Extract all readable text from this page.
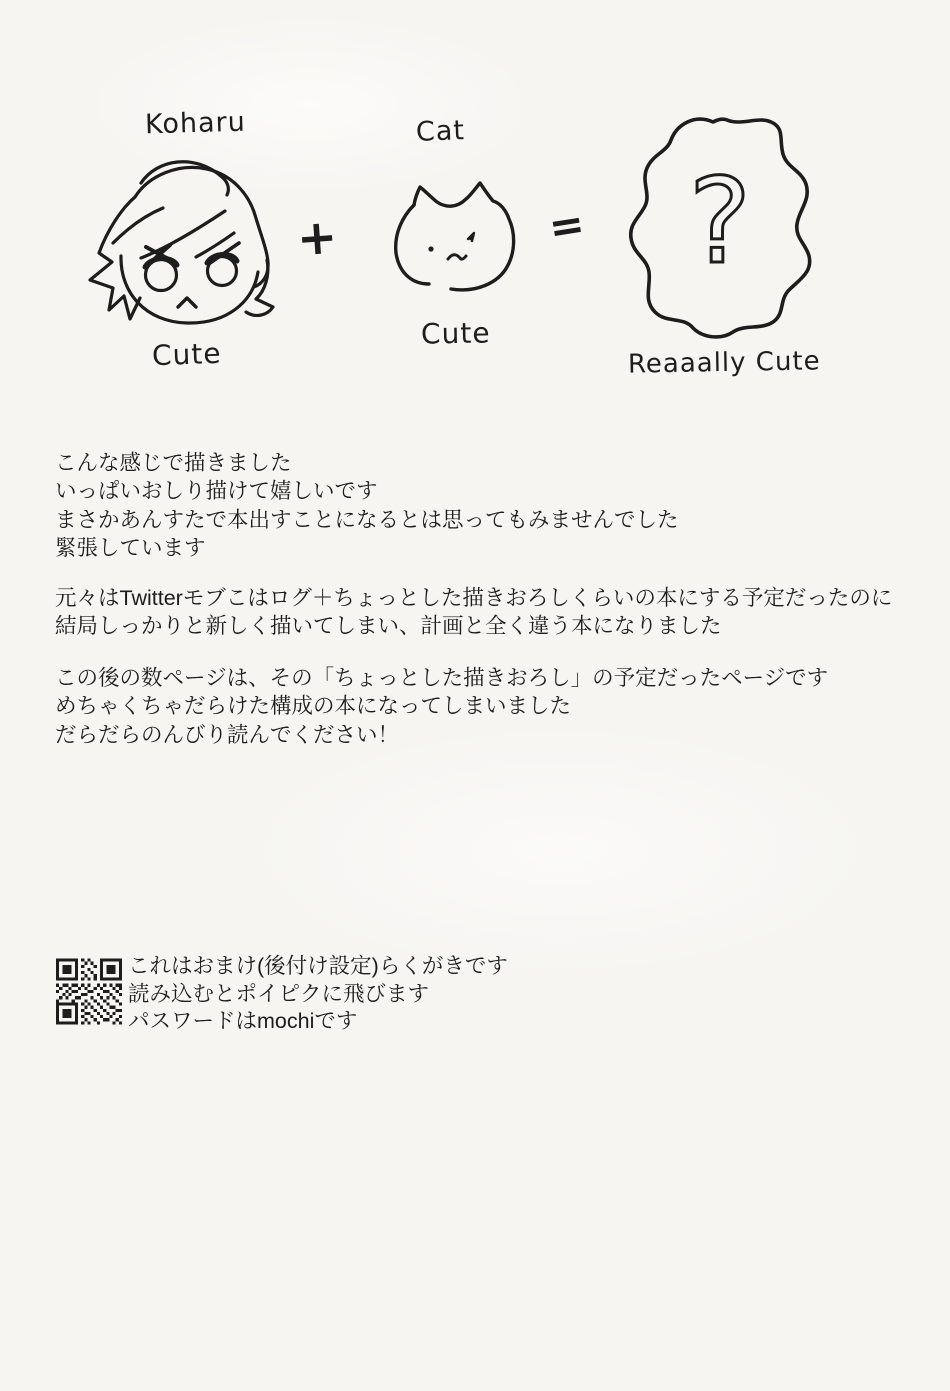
Koharu
Cute
+
Cat
Cute
= ?
Reaaally Cute
こんな感じで描きました
いっぱいおしり描けて嬉しいです
まさかあんすたで本出すことになるとは思ってもみませんでした
緊張しています
元々はTwitterモブこはログ＋ちょっとした描きおろしくらいの本にする予定だったのに
結局しっかりと新しく描いてしまい、計画と全く違う本になりました
この後の数ページは、その「ちょっとした描きおろし」の予定だったページです
めちゃくちゃだらけた構成の本になってしまいました
だらだらのんびり読んでください！
これはおまけ(後付け設定)らくがきです
読み込むとポイピクに飛びます
パスワードはmochiです
